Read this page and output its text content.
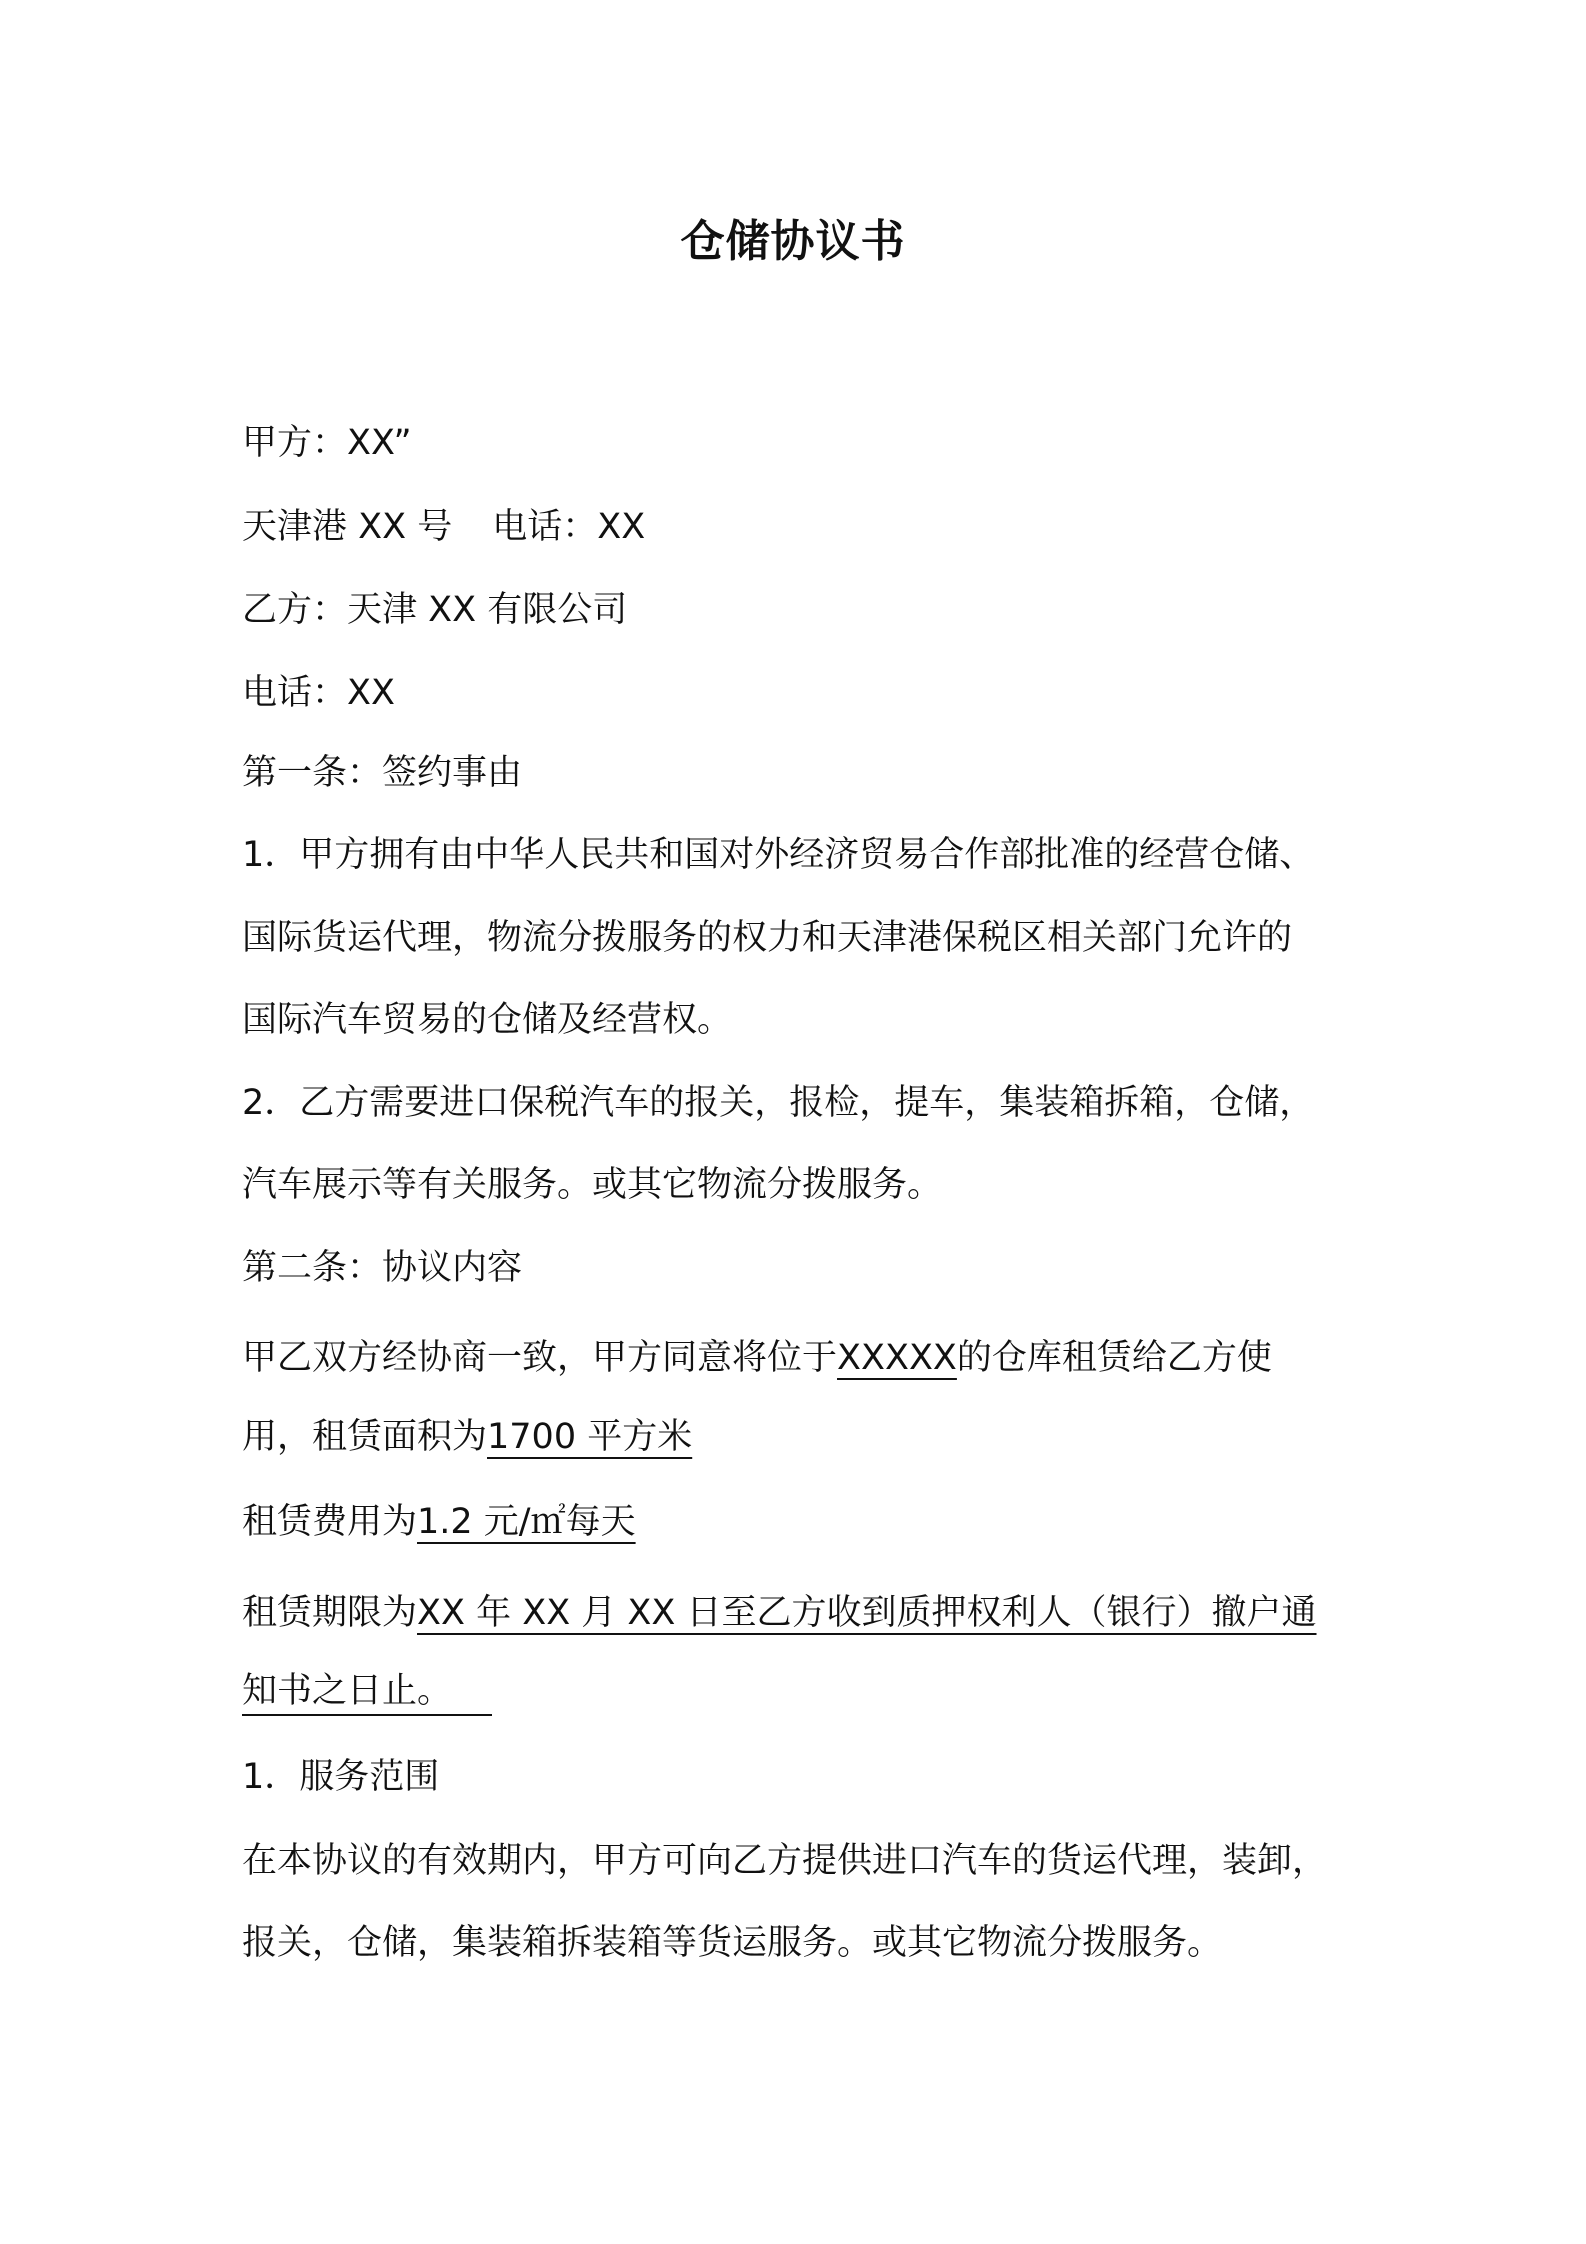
仓储协议书
甲方：XX”
天津港 XX 号 电话：XX
乙方：天津 XX 有限公司
电话：XX
第一条：签约事由
1．甲方拥有由中华人民共和国对外经济贸易合作部批准的经营仓储、
国际货运代理，物流分拨服务的权力和天津港保税区相关部门允许的
国际汽车贸易的仓储及经营权。
2．乙方需要进口保税汽车的报关，报检，提车，集装箱拆箱，仓储，
汽车展示等有关服务。或其它物流分拨服务。
第二条：协议内容
甲乙双方经协商一致，甲方同意将位于XXXXX的仓库租赁给乙方使
用，租赁面积为1700 平方米
租赁费用为1.2 元/㎡每天
租赁期限为XX 年 XX 月 XX 日至乙方收到质押权利人（银行）撤户通
知书之日止。
1．服务范围
在本协议的有效期内，甲方可向乙方提供进口汽车的货运代理，装卸，
报关，仓储，集装箱拆装箱等货运服务。或其它物流分拨服务。
